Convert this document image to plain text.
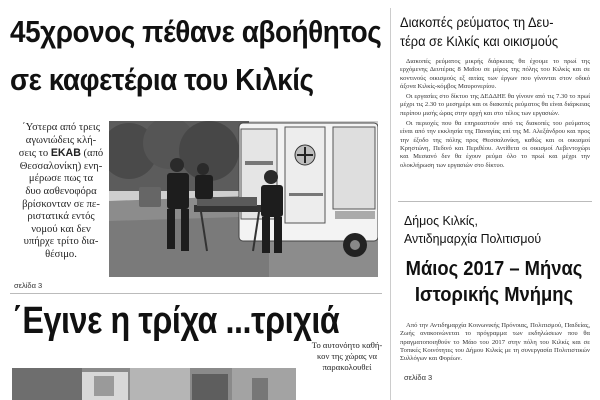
45χρονος πέθανε αβοήθητος
σε καφετέρια του Κιλκίς
΄Υστερα από τρεις
αγωνιώδεις κλή-
σεις το EKAB (από
Θεσσαλονίκη) ενη-
μέρωσε πως τα
δυο ασθενοφόρα
βρίσκονταν σε πε-
ριστατικά εντός
νομού και δεν
υπήρχε τρίτο δια-
θέσιμο.
σελίδα 3
Διακοπές ρεύματος τη Δευ-
τέρα σε Κιλκίς και οικισμούς

Διακοπές ρεύματος μικρής διάρκειας θα έχουμε το πρωί της ερχόμενης Δευτέρας 8 Μαΐου σε μέρος της πόλης του Κιλκίς και σε κοντινούς οικισμούς εξ αιτίας των έργων που γίνονται στον οδικό άξονα Κιλκίς-κόμβος Μαυρονερίου.

Οι εργασίες στο δίκτυο της ΔΕΔΔΗΕ θα γίνουν από τις 7.30 το πρωί μέχρι τις 2.30 το μεσημέρι και οι διακοπές ρεύματος θα είναι διάρκειας περίπου μισής ώρας στην αρχή και στο τέλος των εργασιών.

Οι περιοχές που θα επηρεαστούν από τις διακοπές του ρεύματος είναι από την εκκλησία της Παναγίας επί της Μ. Αλεξάνδρου και προς την έξοδο της πόλης προς Θεσσαλονίκη, καθώς και οι οικισμοί Κρηστώνη, Πεδινό και Περιθέου. Αντίθετα οι οικισμοί Λεβεντοχώρι και Μεσιανό δεν θα έχουν ρεύμα όλο το πρωί και μέχρι την ολοκλήρωση των εργασιών στο δίκτυο.

Δήμος Κιλκίς,
Αντιδημαρχία Πολιτισμού
Μάιος 2017 – Μήνας
Ιστορικής Μνήμης

Από την Αντιδημαρχία Κοινωνικής Πρόνοιας, Πολιτισμού, Παιδείας, Ζωής ανακοινώνεται το πρόγραμμα των εκδηλώσεων που θα πραγματοποιηθούν το Μάιο του 2017 στην πόλη του Κιλκίς και σε Τοπικές Κοινότητες του Δήμου Κιλκίς με τη συνεργασία Πολιτιστικών Συλλόγων και Φορέων.

σελίδα 3
΄Εγινε η τρίχα ...τριχιά
Το αυτονόητο καθή-
κον της χώρας να
παρακολουθεί
